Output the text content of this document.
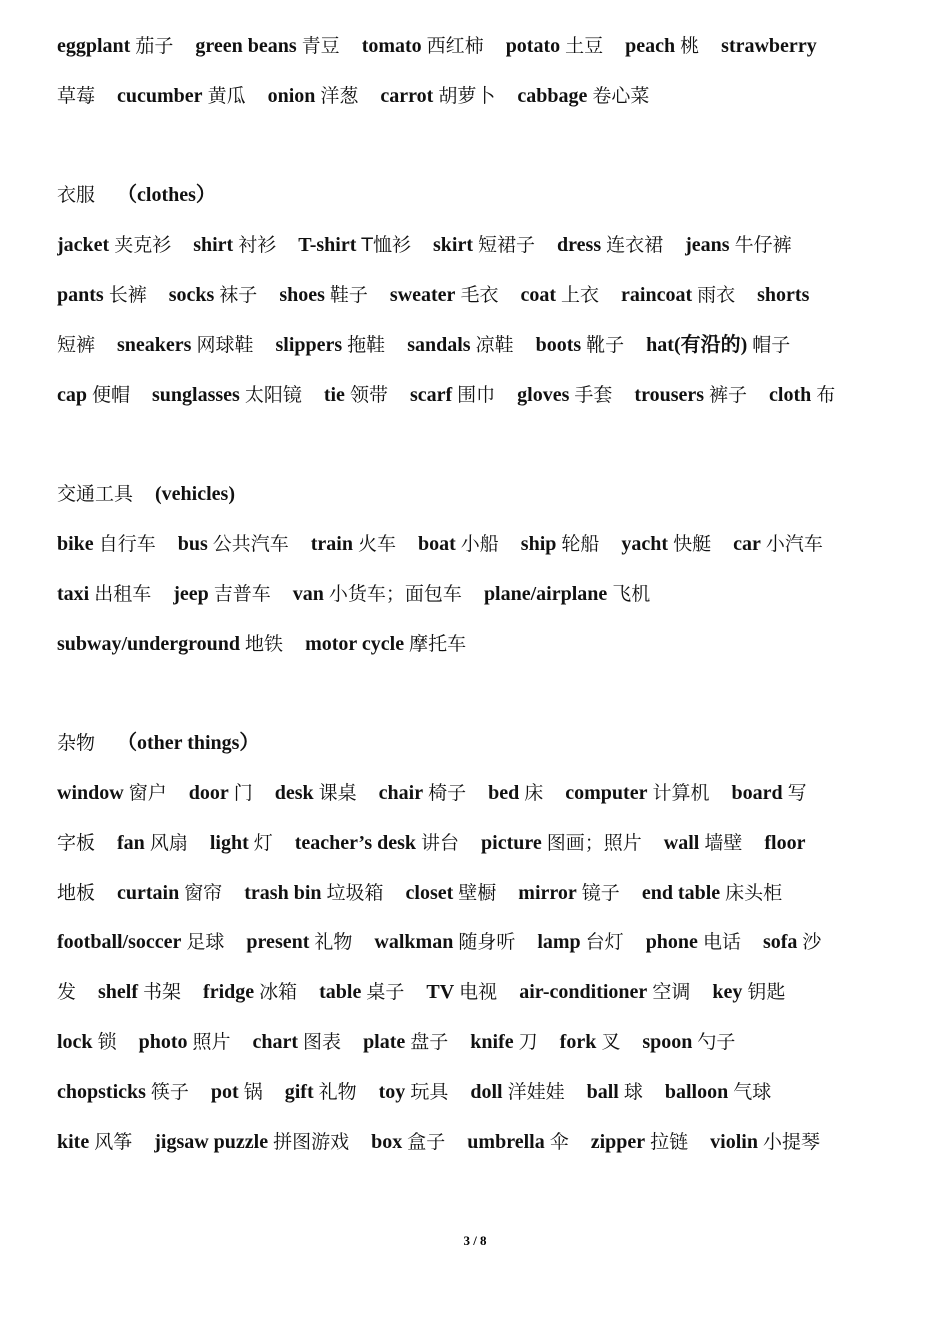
eggplant 茄子 green beans 青豆 tomato 西红柿 potato 土豆 peach 桃 strawberry
草莓 cucumber 黄瓜 onion 洋葱 carrot 胡萝卜 cabbage 卷心菜
衣服 （clothes）
jacket 夹克衫 shirt 衬衫 T-shirt T恤衫 skirt 短裙子 dress 连衣裙 jeans 牛仔裤
pants 长裤 socks 袜子 shoes 鞋子 sweater 毛衣 coat 上衣 raincoat 雨衣 shorts
短裤 sneakers 网球鞋 slippers 拖鞋 sandals 凉鞋 boots 靴子 hat(有沿的) 帽子
cap 便帽 sunglasses 太阳镜 tie 领带 scarf 围巾 gloves 手套 trousers 裤子 cloth 布
交通工具 (vehicles)
bike 自行车 bus 公共汽车 train 火车 boat 小船 ship 轮船 yacht 快艇 car 小汽车
taxi 出租车 jeep 吉普车 van 小货车；面包车 plane/airplane 飞机
subway/underground 地铁 motor cycle 摩托车
杂物 （other things）
window 窗户 door 门 desk 课桌 chair 椅子 bed 床 computer 计算机 board 写
字板 fan 风扇 light 灯 teacher’s desk 讲台 picture 图画；照片 wall 墙壁 floor
地板 curtain 窗帘 trash bin 垃圾箱 closet 壁橱 mirror 镜子 end table 床头柜
football/soccer 足球 present 礼物 walkman 随身听 lamp 台灯 phone 电话 sofa 沙
发 shelf 书架 fridge 冰箱 table 桌子 TV 电视 air-conditioner 空调 key 钥匙
lock 锁 photo 照片 chart 图表 plate 盘子 knife 刀 fork 叉 spoon 勺子
chopsticks 筷子 pot 锅 gift 礼物 toy 玩具 doll 洋娃娃 ball 球 balloon 气球
kite 风筝 jigsaw puzzle 拼图游戏 box 盒子 umbrella 伞 zipper 拉链 violin 小提琴
3 / 8
